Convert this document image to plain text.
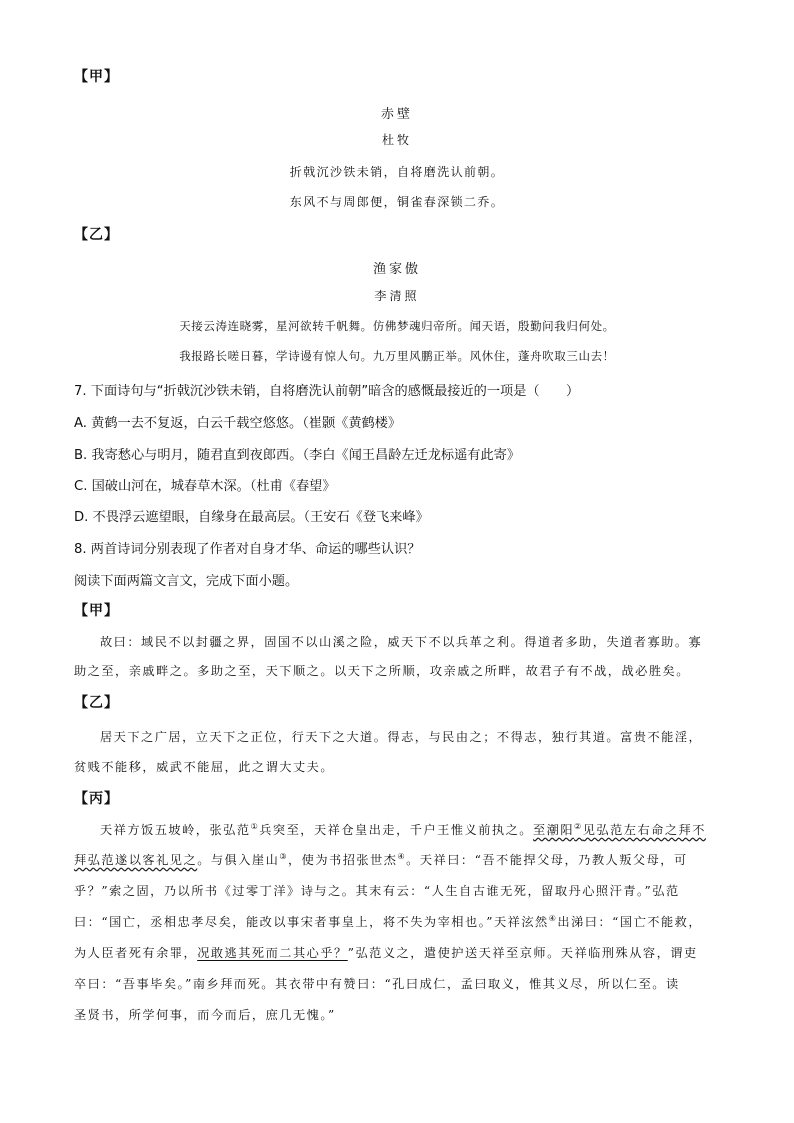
【甲】
赤壁
杜牧
折戟沉沙铁未销，自将磨洗认前朝。
东风不与周郎便，铜雀春深锁二乔。
【乙】
渔家傲
李清照
天接云涛连晓雾，星河欲转千帆舞。仿佛梦魂归帝所。闻天语，殷勤问我归何处。
我报路长嗟日暮，学诗谩有惊人句。九万里风鹏正举。风休住，蓬舟吹取三山去！
7. 下面诗句与“折戟沉沙铁未销，自将磨洗认前朝”暗含的感慨最接近的一项是（　　）
A. 黄鹤一去不复返，白云千载空悠悠。（崔颢《黄鹤楼》
B. 我寄愁心与明月，随君直到夜郎西。（李白《闻王昌龄左迁龙标遥有此寄》
C. 国破山河在，城春草木深。（杜甫《春望》
D. 不畏浮云遮望眼，自缘身在最高层。（王安石《登飞来峰》
8. 两首诗词分别表现了作者对自身才华、命运的哪些认识？
阅读下面两篇文言文，完成下面小题。
【甲】
故曰：域民不以封疆之界，固国不以山溪之险，威天下不以兵革之利。得道者多助，失道者寡助。寡
助之至，亲戚畔之。多助之至，天下顺之。以天下之所顺，攻亲戚之所畔，故君子有不战，战必胜矣。
【乙】
居天下之广居，立天下之正位，行天下之大道。得志，与民由之；不得志，独行其道。富贵不能淫，
贫贱不能移，威武不能屈，此之谓大丈夫。
【丙】
天祥方饭五坡岭，张弘范①兵突至，天祥仓皇出走，千户王惟义前执之。至潮阳②见弘范左右命之拜不
拜弘范遂以客礼见之。与俱入崖山③，使为书招张世杰④。天祥曰：“吾不能捍父母，乃教人叛父母，可
乎？”索之固，乃以所书《过零丁洋》诗与之。其末有云：“人生自古谁无死，留取丹心照汗青。”弘范
曰：“国亡，丞相忠孝尽矣，能改以事宋者事皇上，将不失为宰相也。”天祥泫然④出涕曰：“国亡不能救，
为人臣者死有余罪，况敢逃其死而二其心乎？”弘范义之，遣使护送天祥至京师。天祥临刑殊从容，谓吏
卒曰：“吾事毕矣。”南乡拜而死。其衣带中有赞曰：“孔曰成仁，孟曰取义，惟其义尽，所以仁至。读
圣贤书，所学何事，而今而后，庶几无愧。”
